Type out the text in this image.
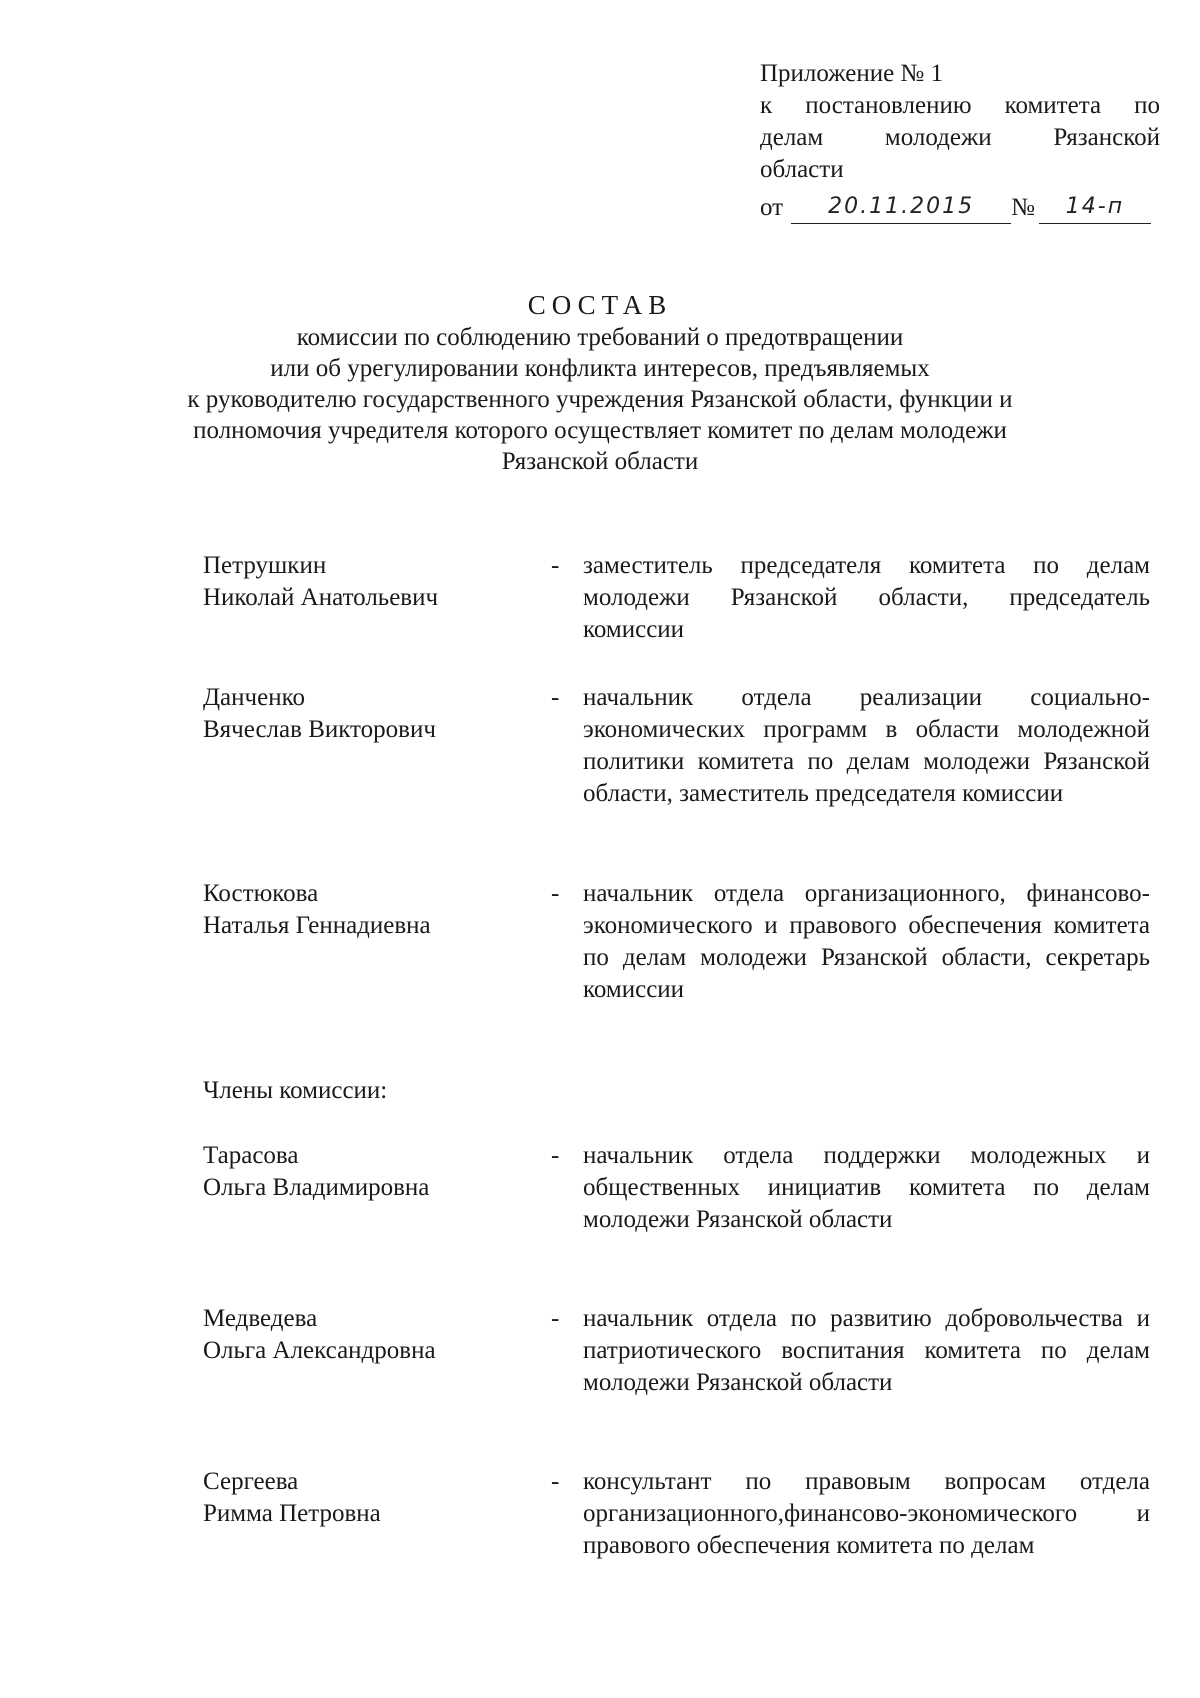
Приложение № 1
к постановлению комитета по
делам молодежи Рязанской
области
от	20.11.2015	№	14-п
СОСТАВ
комиссии по соблюдению требований о предотвращении
или об урегулировании конфликта интересов, предъявляемых
к руководителю государственного учреждения Рязанской области, функции и
полномочия учредителя которого осуществляет комитет по делам молодежи
Рязанской области
Петрушкин
Николай Анатольевич
- заместитель председателя комитета по делам молодежи Рязанской области, председатель комиссии
Данченко
Вячеслав Викторович
- начальник отдела реализации социально-экономических программ в области молодежной политики комитета по делам молодежи Рязанской области, заместитель председателя комиссии
Костюкова
Наталья Геннадиевна
- начальник отдела организационного, финансово-экономического и правового обеспечения комитета по делам молодежи Рязанской области, секретарь комиссии
Члены комиссии:
Тарасова
Ольга Владимировна
- начальник отдела поддержки молодежных и общественных инициатив комитета по делам молодежи Рязанской области
Медведева
Ольга Александровна
- начальник отдела по развитию добровольчества и патриотического воспитания комитета по делам молодежи Рязанской области
Сергеева
Римма Петровна
- консультант по правовым вопросам отдела организационного,финансово-экономического и правового обеспечения комитета по делам
